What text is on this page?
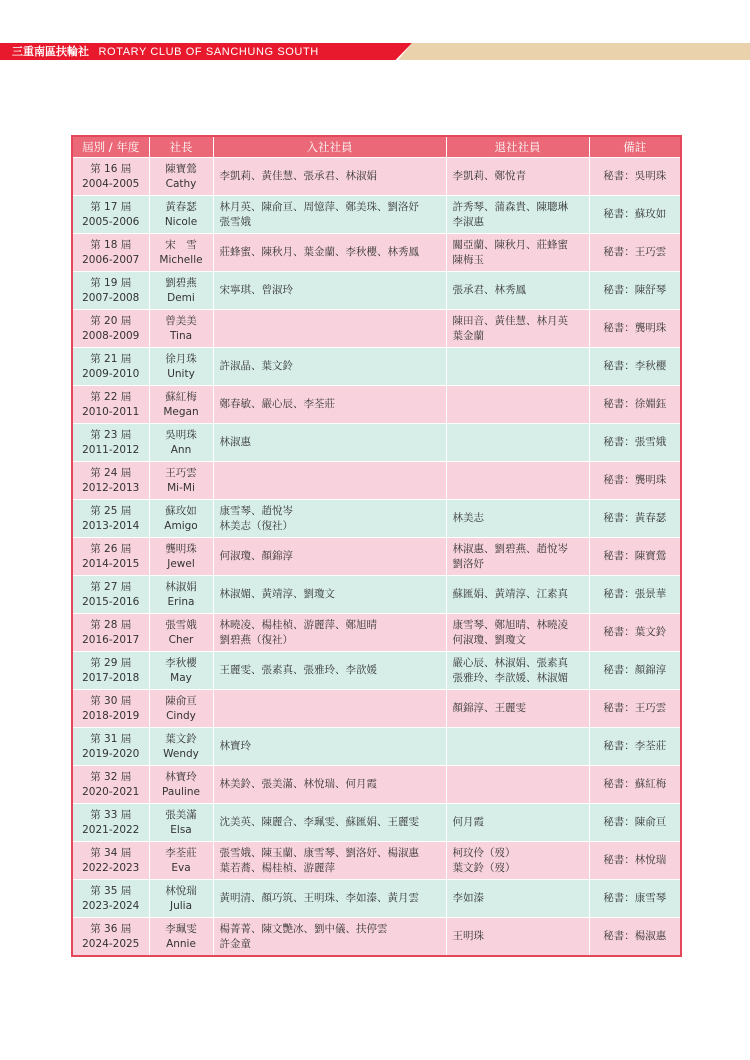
三重南區扶輪社 ROTARY CLUB OF SANCHUNG SOUTH
屆別 / 年度	社長	入社社員	退社社員	備註

第 16 屆
2004-2005	陳寶鶯
Cathy	李凱莉、黃佳慧、張承君、林淑娟	李凱莉、鄭悅青	秘書：吳明珠

第 17 屆
2005-2006	黃春瑟
Nicole	林月英、陳俞亘、周憶萍、鄭美珠、劉洛妤
張雪娥	許秀琴、蒲森貴、陳聰琳
李淑惠	秘書：蘇玫如

第 18 屆
2006-2007	宋　雪
Michelle	莊蜂蜜、陳秋月、葉金蘭、李秋櫻、林秀鳳	關亞蘭、陳秋月、莊蜂蜜
陳梅玉	秘書：王巧雲

第 19 屆
2007-2008	劉碧燕
Demi	宋寧琪、曾淑玲	張承君、林秀鳳	秘書：陳舒琴

第 20 屆
2008-2009	曾美美
Tina		陳田音、黃佳慧、林月英
葉金蘭	秘書：龔明珠

第 21 屆
2009-2010	徐月珠
Unity	許淑晶、葉文鈴		秘書：李秋櫻

第 22 屆
2010-2011	蘇紅梅
Megan	鄭春敏、嚴心辰、李荃莊		秘書：徐婣鈺

第 23 屆
2011-2012	吳明珠
Ann	林淑惠		秘書：張雪娥

第 24 屆
2012-2013	王巧雲
Mi-Mi			秘書：龔明珠

第 25 屆
2013-2014	蘇玫如
Amigo	康雪琴、趙悅岑
林美志（復社）	林美志	秘書：黃春瑟

第 26 屆
2014-2015	龔明珠
Jewel	何淑瓊、顏錦淳	林淑惠、劉碧燕、趙悅岑
劉洛妤	秘書：陳寶鶯

第 27 屆
2015-2016	林淑娟
Erina	林淑媚、黃靖淳、劉瓊文	蘇匯娟、黃靖淳、江素真	秘書：張景華

第 28 屆
2016-2017	張雪娥
Cher	林曉凌、楊桂楨、游麗萍、鄭旭晴
劉碧燕（復社）	康雪琴、鄭旭晴、林曉凌
何淑瓊、劉瓊文	秘書：葉文鈴

第 29 屆
2017-2018	李秋櫻
May	王麗雯、張素真、張雅玲、李歆媛	嚴心辰、林淑娟、張素真
張雅玲、李歆媛、林淑媚	秘書：顏錦淳

第 30 屆
2018-2019	陳俞亘
Cindy		顏錦淳、王麗雯	秘書：王巧雲

第 31 屆
2019-2020	葉文鈴
Wendy	林寶玲		秘書：李荃莊

第 32 屆
2020-2021	林寶玲
Pauline	林美鈴、張美滿、林悅瑞、何月霞		秘書：蘇紅梅

第 33 屆
2021-2022	張美滿
Elsa	沈美英、陳麗合、李珮雯、蘇匯娟、王麗雯	何月霞	秘書：陳俞亘

第 34 屆
2022-2023	李荃莊
Eva	張雪娥、陳玉蘭、康雪琴、劉洛妤、楊淑惠
葉若蕎、楊桂楨、游麗萍	柯玟伶（歿）
葉文鈴（歿）	秘書：林悅瑞

第 35 屆
2023-2024	林悅瑞
Julia	黃明清、顏巧筑、王明珠、李如溱、黃月雲	李如溱	秘書：康雪琴

第 36 屆
2024-2025	李珮雯
Annie	楊菁菁、陳文艷冰、劉中儀、扶停雲
許金童	王明珠	秘書：楊淑惠
